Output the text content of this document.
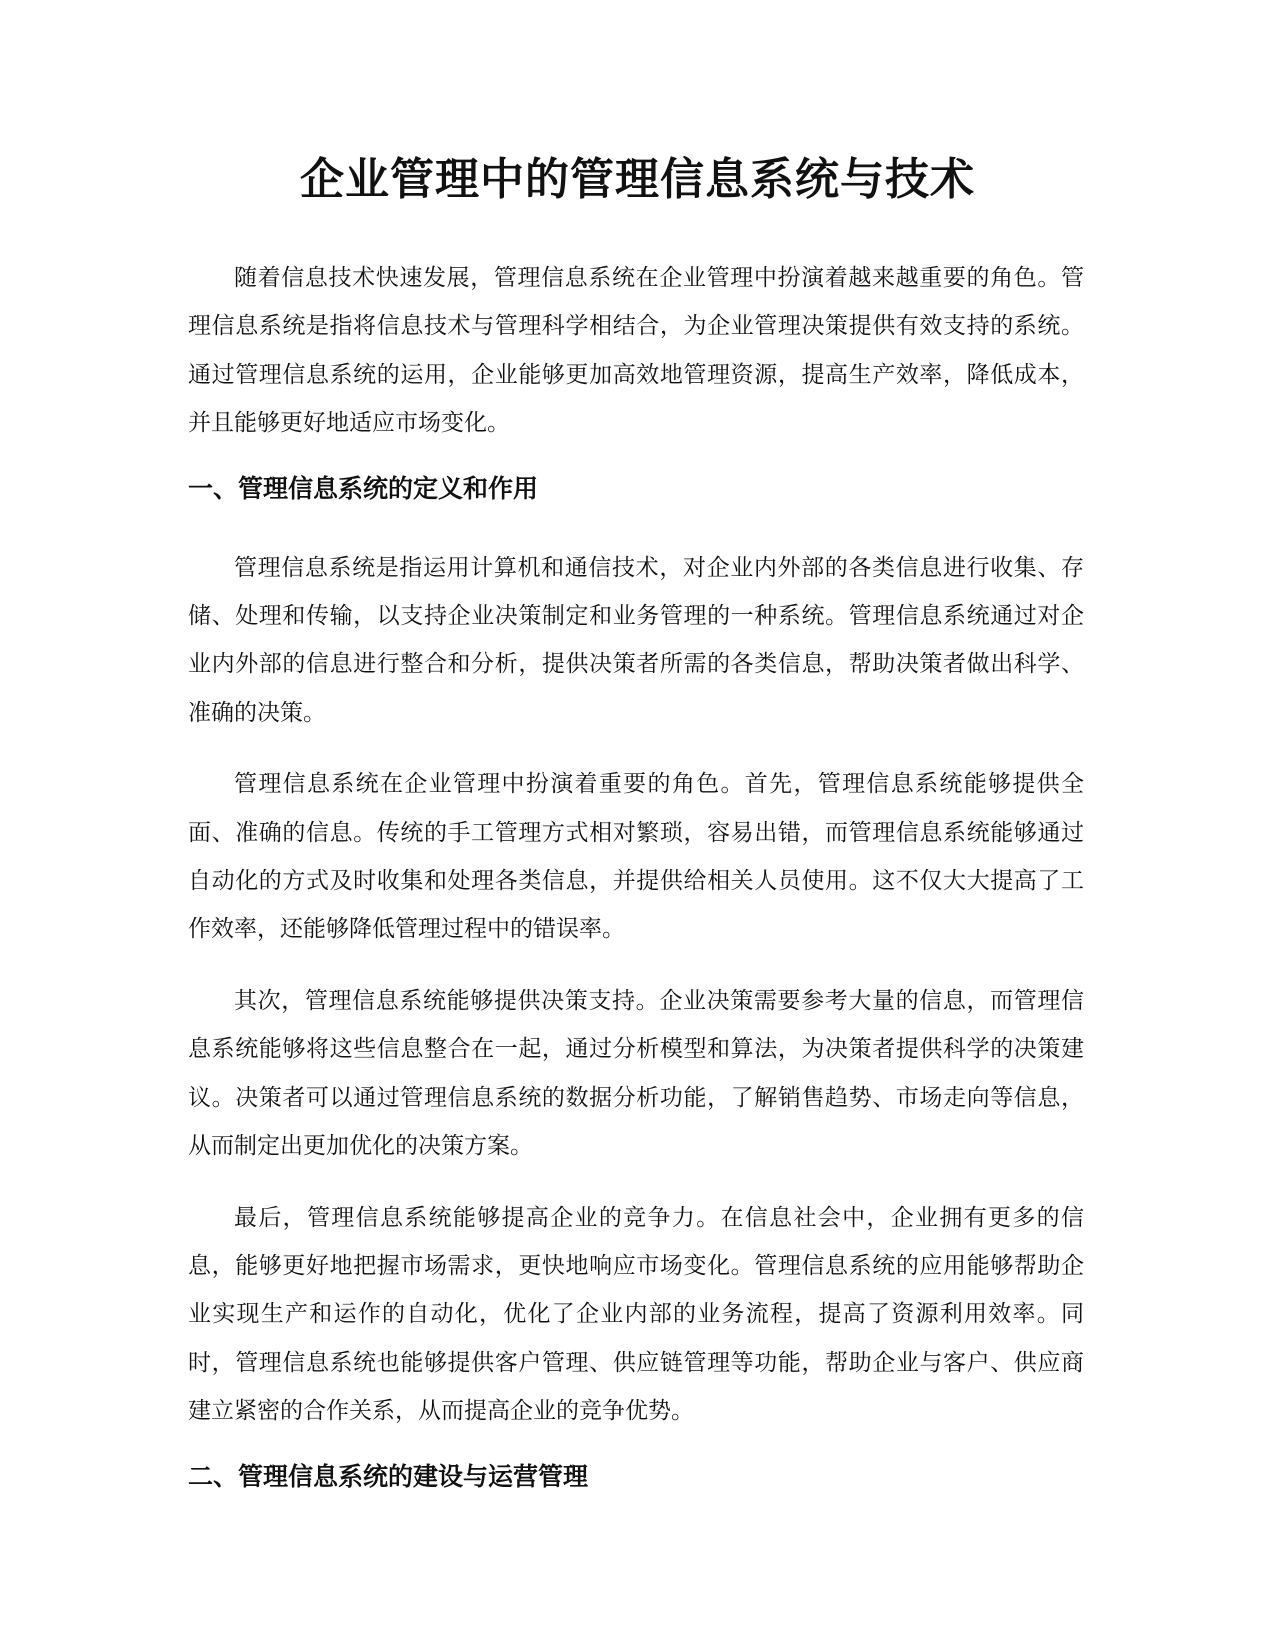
企业管理中的管理信息系统与技术

随着信息技术快速发展，管理信息系统在企业管理中扮演着越来越重要的角色。管理信息系统是指将信息技术与管理科学相结合，为企业管理决策提供有效支持的系统。通过管理信息系统的运用，企业能够更加高效地管理资源，提高生产效率，降低成本，并且能够更好地适应市场变化。

一、管理信息系统的定义和作用

管理信息系统是指运用计算机和通信技术，对企业内外部的各类信息进行收集、存储、处理和传输，以支持企业决策制定和业务管理的一种系统。管理信息系统通过对企业内外部的信息进行整合和分析，提供决策者所需的各类信息，帮助决策者做出科学、准确的决策。

管理信息系统在企业管理中扮演着重要的角色。首先，管理信息系统能够提供全面、准确的信息。传统的手工管理方式相对繁琐，容易出错，而管理信息系统能够通过自动化的方式及时收集和处理各类信息，并提供给相关人员使用。这不仅大大提高了工作效率，还能够降低管理过程中的错误率。

其次，管理信息系统能够提供决策支持。企业决策需要参考大量的信息，而管理信息系统能够将这些信息整合在一起，通过分析模型和算法，为决策者提供科学的决策建议。决策者可以通过管理信息系统的数据分析功能，了解销售趋势、市场走向等信息，从而制定出更加优化的决策方案。

最后，管理信息系统能够提高企业的竞争力。在信息社会中，企业拥有更多的信息，能够更好地把握市场需求，更快地响应市场变化。管理信息系统的应用能够帮助企业实现生产和运作的自动化，优化了企业内部的业务流程，提高了资源利用效率。同时，管理信息系统也能够提供客户管理、供应链管理等功能，帮助企业与客户、供应商建立紧密的合作关系，从而提高企业的竞争优势。

二、管理信息系统的建设与运营管理
